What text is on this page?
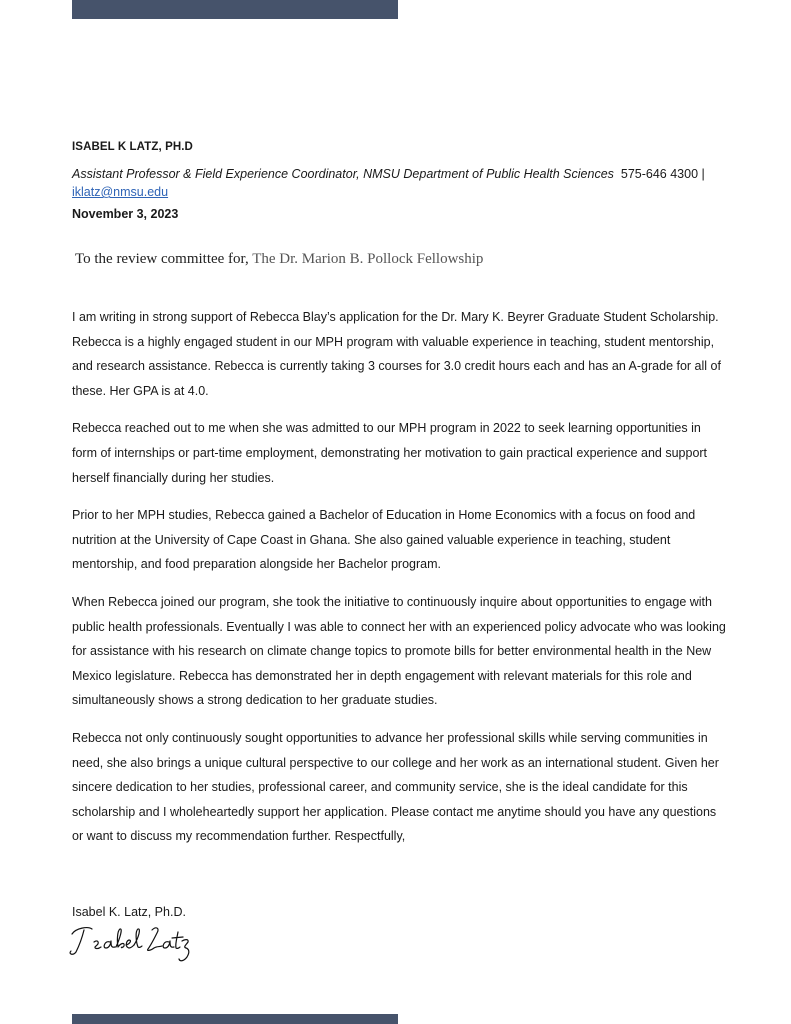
ISABEL K LATZ, PH.D
Assistant Professor & Field Experience Coordinator, NMSU Department of Public Health Sciences 575-646 4300 | iklatz@nmsu.edu
November 3, 2023
To the review committee for, The Dr. Marion B. Pollock Fellowship

I am writing in strong support of Rebecca Blay’s application for the Dr. Mary K. Beyrer Graduate Student Scholarship. Rebecca is a highly engaged student in our MPH program with valuable experience in teaching, student mentorship, and research assistance. Rebecca is currently taking 3 courses for 3.0 credit hours each and has an A-grade for all of these. Her GPA is at 4.0.

Rebecca reached out to me when she was admitted to our MPH program in 2022 to seek learning opportunities in form of internships or part-time employment, demonstrating her motivation to gain practical experience and support herself financially during her studies.

Prior to her MPH studies, Rebecca gained a Bachelor of Education in Home Economics with a focus on food and nutrition at the University of Cape Coast in Ghana. She also gained valuable experience in teaching, student mentorship, and food preparation alongside her Bachelor program.

When Rebecca joined our program, she took the initiative to continuously inquire about opportunities to engage with public health professionals. Eventually I was able to connect her with an experienced policy advocate who was looking for assistance with his research on climate change topics to promote bills for better environmental health in the New Mexico legislature. Rebecca has demonstrated her in depth engagement with relevant materials for this role and simultaneously shows a strong dedication to her graduate studies.

Rebecca not only continuously sought opportunities to advance her professional skills while serving communities in need, she also brings a unique cultural perspective to our college and her work as an international student. Given her sincere dedication to her studies, professional career, and community service, she is the ideal candidate for this scholarship and I wholeheartedly support her application. Please contact me anytime should you have any questions or want to discuss my recommendation further. Respectfully,

Isabel K. Latz, Ph.D.
